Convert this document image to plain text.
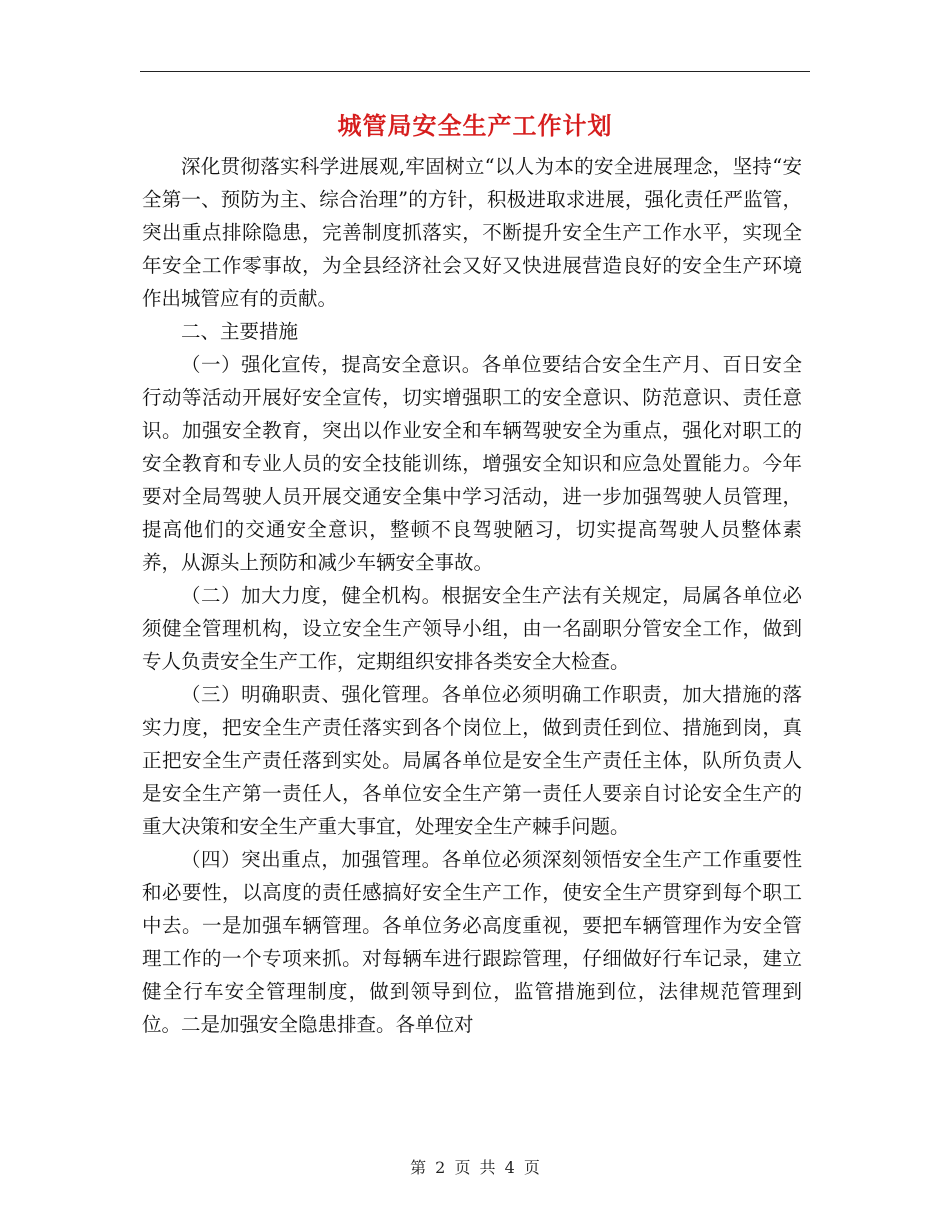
城管局安全生产工作计划

深化贯彻落实科学进展观,牢固树立“以人为本的安全进展理念，坚持“安全第一、预防为主、综合治理”的方针，积极进取求进展，强化责任严监管，突出重点排除隐患，完善制度抓落实，不断提升安全生产工作水平，实现全年安全工作零事故，为全县经济社会又好又快进展营造良好的安全生产环境作出城管应有的贡献。

二、主要措施

（一）强化宣传，提高安全意识。各单位要结合安全生产月、百日安全行动等活动开展好安全宣传，切实增强职工的安全意识、防范意识、责任意识。加强安全教育，突出以作业安全和车辆驾驶安全为重点，强化对职工的安全教育和专业人员的安全技能训练，增强安全知识和应急处置能力。今年要对全局驾驶人员开展交通安全集中学习活动，进一步加强驾驶人员管理，提高他们的交通安全意识，整顿不良驾驶陋习，切实提高驾驶人员整体素养，从源头上预防和减少车辆安全事故。

（二）加大力度，健全机构。根据安全生产法有关规定，局属各单位必须健全管理机构，设立安全生产领导小组，由一名副职分管安全工作，做到专人负责安全生产工作，定期组织安排各类安全大检查。

（三）明确职责、强化管理。各单位必须明确工作职责，加大措施的落实力度，把安全生产责任落实到各个岗位上，做到责任到位、措施到岗，真正把安全生产责任落到实处。局属各单位是安全生产责任主体，队所负责人是安全生产第一责任人，各单位安全生产第一责任人要亲自讨论安全生产的重大决策和安全生产重大事宜，处理安全生产棘手问题。

（四）突出重点，加强管理。各单位必须深刻领悟安全生产工作重要性和必要性，以高度的责任感搞好安全生产工作，使安全生产贯穿到每个职工中去。一是加强车辆管理。各单位务必高度重视，要把车辆管理作为安全管理工作的一个专项来抓。对每辆车进行跟踪管理，仔细做好行车记录，建立健全行车安全管理制度，做到领导到位，监管措施到位，法律规范管理到位。二是加强安全隐患排查。各单位对

第 2 页 共 4 页
